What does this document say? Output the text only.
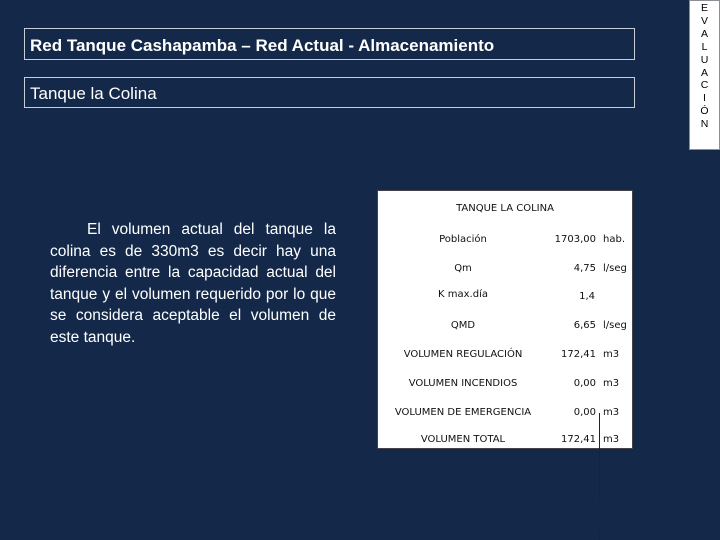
Red Tanque Cashapamba – Red Actual - Almacenamiento
Tanque la Colina
E
V
A
L
U
A
C
I
Ó
N

El volumen actual del tanque la colina es de 330m3 es decir hay una diferencia entre la capacidad actual del tanque y el volumen requerido por lo que se considera aceptable el volumen de este tanque.

TANQUE LA COLINA
Población	1703,00 hab.
Qm	4,75 l/seg
K max.día	1,4
QMD	6,65 l/seg
VOLUMEN REGULACIÓN	172,41 m3
VOLUMEN INCENDIOS	0,00 m3
VOLUMEN DE EMERGENCIA	0,00 m3
VOLUMEN TOTAL	172,41 m3
